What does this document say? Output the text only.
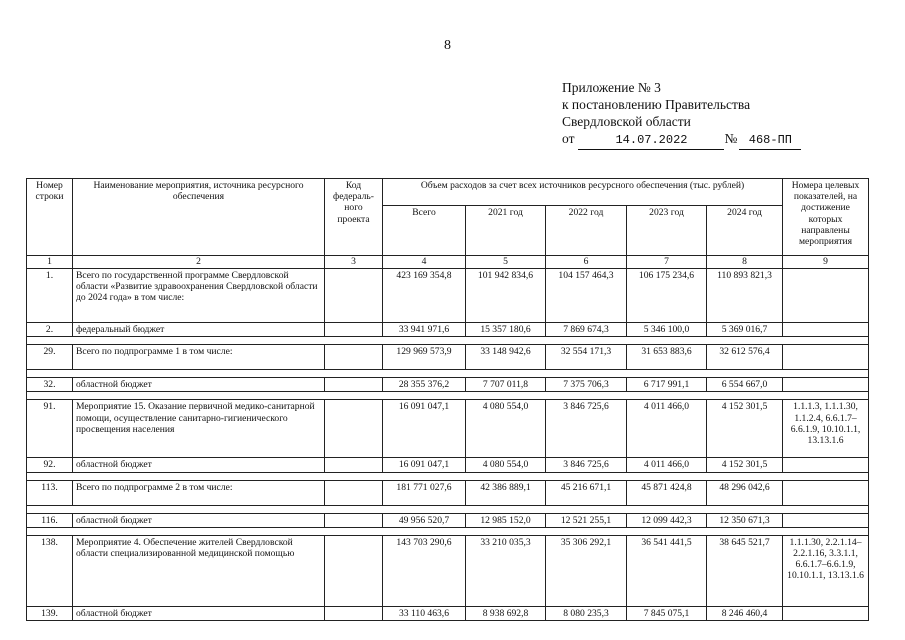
8
Приложение № 3
к постановлению Правительства
Свердловской области
от	14.07.2022	№ 468-ПП
Номер строки	Наименование мероприятия, источника ресурсного обеспечения	Код федераль-ного проекта	Объем расходов за счет всех источников ресурсного обеспечения (тыс. рублей)					Номера целевых показателей, на достижение которых направлены мероприятия
			Всего	2021 год	2022 год	2023 год	2024 год	
1	2	3	4	5	6	7	8	9
1.	Всего по государственной программе Свердловской области «Развитие здравоохранения Свердловской области до 2024 года» в том числе:		423 169 354,8	101 942 834,6	104 157 464,3	106 175 234,6	110 893 821,3	
2.	федеральный бюджет		33 941 971,6	15 357 180,6	7 869 674,3	5 346 100,0	5 369 016,7	

29.	Всего по подпрограмме 1 в том числе:		129 969 573,9	33 148 942,6	32 554 171,3	31 653 883,6	32 612 576,4	

32.	областной бюджет		28 355 376,2	7 707 011,8	7 375 706,3	6 717 991,1	6 554 667,0	

91.	Мероприятие 15. Оказание первичной медико-санитарной помощи, осуществление санитарно-гигиенического просвещения населения		16 091 047,1	4 080 554,0	3 846 725,6	4 011 466,0	4 152 301,5	1.1.1.3, 1.1.1.30, 1.1.2.4, 6.6.1.7–6.6.1.9, 10.10.1.1, 13.13.1.6
92.	областной бюджет		16 091 047,1	4 080 554,0	3 846 725,6	4 011 466,0	4 152 301,5	

113.	Всего по подпрограмме 2 в том числе:		181 771 027,6	42 386 889,1	45 216 671,1	45 871 424,8	48 296 042,6	

116.	областной бюджет		49 956 520,7	12 985 152,0	12 521 255,1	12 099 442,3	12 350 671,3	

138.	Мероприятие 4. Обеспечение жителей Свердловской области специализированной медицинской помощью		143 703 290,6	33 210 035,3	35 306 292,1	36 541 441,5	38 645 521,7	1.1.1.30, 2.2.1.14– 2.2.1.16, 3.3.1.1, 6.6.1.7–6.6.1.9, 10.10.1.1, 13.13.1.6
139.	областной бюджет		33 110 463,6	8 938 692,8	8 080 235,3	7 845 075,1	8 246 460,4	
